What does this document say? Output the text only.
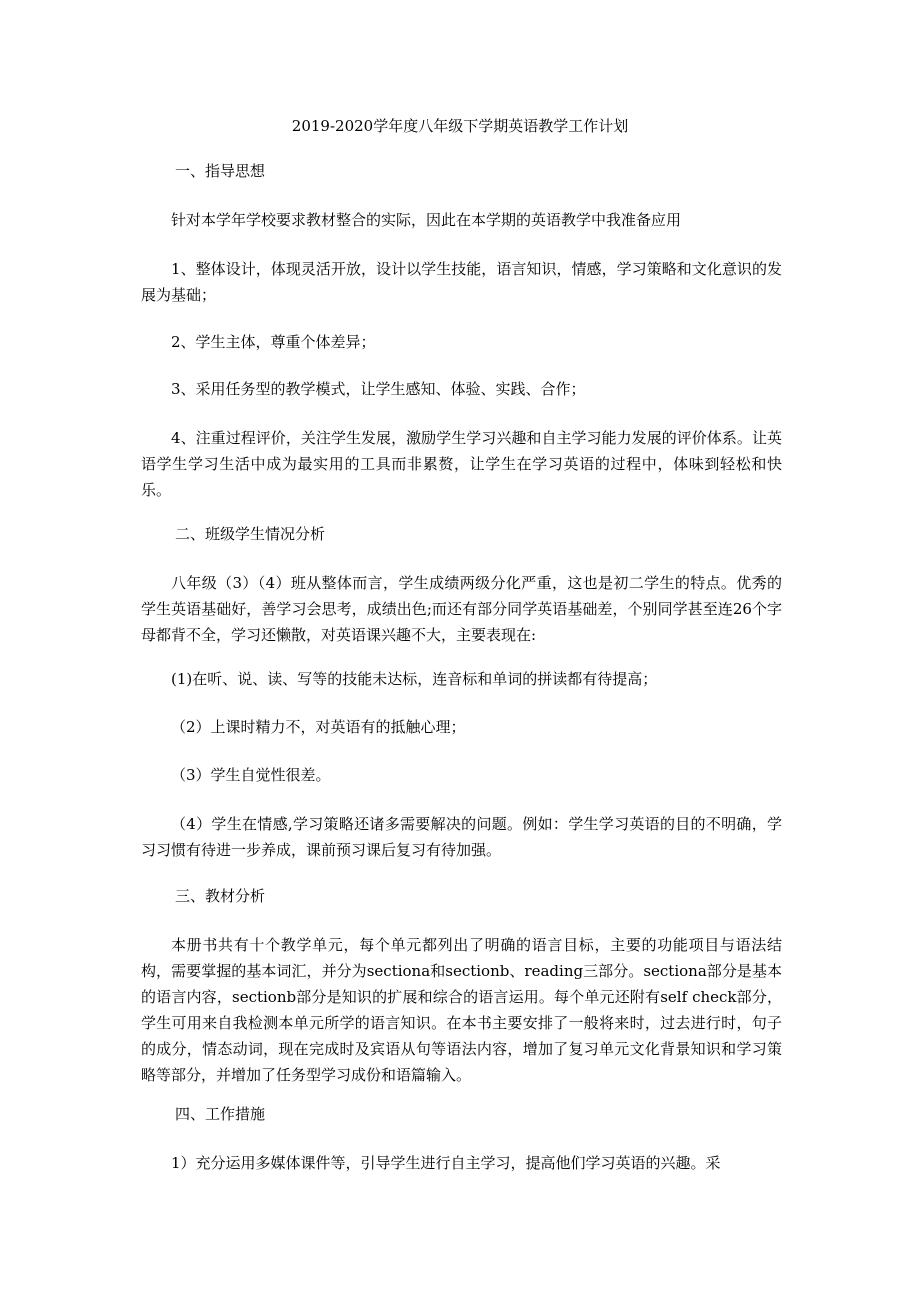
2019-2020学年度八年级下学期英语教学工作计划
一、指导思想
针对本学年学校要求教材整合的实际，因此在本学期的英语教学中我准备应用
1、整体设计，体现灵活开放，设计以学生技能，语言知识，情感，学习策略和文化意识的发展为基础；
2、学生主体，尊重个体差异；
3、采用任务型的教学模式，让学生感知、体验、实践、合作；
4、注重过程评价，关注学生发展，激励学生学习兴趣和自主学习能力发展的评价体系。让英语学生学习生活中成为最实用的工具而非累赘，让学生在学习英语的过程中，体味到轻松和快乐。
二、班级学生情况分析
八年级（3）（4）班从整体而言，学生成绩两级分化严重，这也是初二学生的特点。优秀的学生英语基础好，善学习会思考，成绩出色;而还有部分同学英语基础差，个别同学甚至连26个字母都背不全，学习还懒散，对英语课兴趣不大，主要表现在:
(1)在听、说、读、写等的技能未达标，连音标和单词的拼读都有待提高；
（2）上课时精力不，对英语有的抵触心理；
（3）学生自觉性很差。
（4）学生在情感,学习策略还诸多需要解决的问题。例如：学生学习英语的目的不明确，学习习惯有待进一步养成，课前预习课后复习有待加强。
三、教材分析
本册书共有十个教学单元，每个单元都列出了明确的语言目标，主要的功能项目与语法结构，需要掌握的基本词汇，并分为sectiona和sectionb、reading三部分。sectiona部分是基本的语言内容，sectionb部分是知识的扩展和综合的语言运用。每个单元还附有self check部分，学生可用来自我检测本单元所学的语言知识。在本书主要安排了一般将来时，过去进行时，句子的成分，情态动词，现在完成时及宾语从句等语法内容，增加了复习单元文化背景知识和学习策略等部分，并增加了任务型学习成份和语篇输入。
四、工作措施
1）充分运用多媒体课件等，引导学生进行自主学习，提高他们学习英语的兴趣。采
